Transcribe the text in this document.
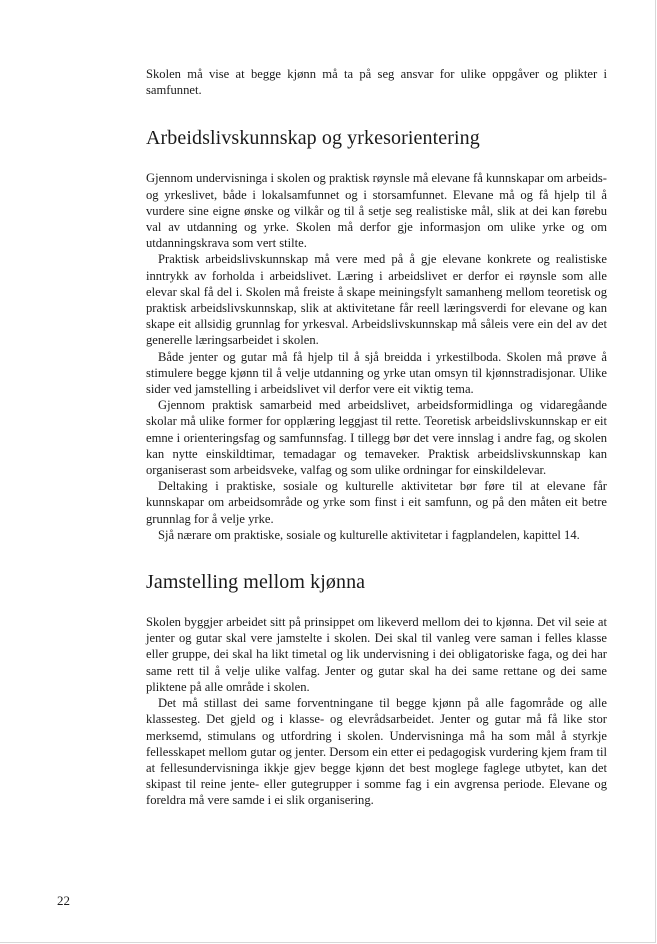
Skolen må vise at begge kjønn må ta på seg ansvar for ulike oppgåver og plikter i samfunnet.

Arbeidslivskunnskap og yrkesorientering

Gjennom undervisninga i skolen og praktisk røynsle må elevane få kunnskapar om arbeids- og yrkeslivet, både i lokalsamfunnet og i storsamfunnet. Elevane må og få hjelp til å vurdere sine eigne ønske og vilkår og til å setje seg realistiske mål, slik at dei kan førebu val av utdanning og yrke. Skolen må derfor gje informasjon om ulike yrke og om utdanningskrava som vert stilte.

Praktisk arbeidslivskunnskap må vere med på å gje elevane konkrete og realistiske inntrykk av forholda i arbeidslivet. Læring i arbeidslivet er derfor ei røynsle som alle elevar skal få del i. Skolen må freiste å skape meiningsfylt samanheng mellom teoretisk og praktisk arbeidslivskunnskap, slik at aktivitetane får reell læringsverdi for elevane og kan skape eit allsidig grunnlag for yrkesval. Arbeidslivskunnskap må såleis vere ein del av det generelle læringsarbeidet i skolen.

Både jenter og gutar må få hjelp til å sjå breidda i yrkestilboda. Skolen må prøve å stimulere begge kjønn til å velje utdanning og yrke utan omsyn til kjønnstradisjonar. Ulike sider ved jamstelling i arbeidslivet vil derfor vere eit viktig tema.

Gjennom praktisk samarbeid med arbeidslivet, arbeidsformidlinga og vidaregåande skolar må ulike former for opplæring leggjast til rette. Teoretisk arbeidslivskunnskap er eit emne i orienteringsfag og samfunnsfag. I tillegg bør det vere innslag i andre fag, og skolen kan nytte einskildtimar, temadagar og temaveker. Praktisk arbeidslivskunnskap kan organiserast som arbeidsveke, valfag og som ulike ordningar for einskildelevar.

Deltaking i praktiske, sosiale og kulturelle aktivitetar bør føre til at elevane får kunnskapar om arbeidsområde og yrke som finst i eit samfunn, og på den måten eit betre grunnlag for å velje yrke.

Sjå nærare om praktiske, sosiale og kulturelle aktivitetar i fagplandelen, kapittel 14.

Jamstelling mellom kjønna

Skolen byggjer arbeidet sitt på prinsippet om likeverd mellom dei to kjønna. Det vil seie at jenter og gutar skal vere jamstelte i skolen. Dei skal til vanleg vere saman i felles klasse eller gruppe, dei skal ha likt timetal og lik undervisning i dei obligatoriske faga, og dei har same rett til å velje ulike valfag. Jenter og gutar skal ha dei same rettane og dei same pliktene på alle område i skolen.

Det må stillast dei same forventningane til begge kjønn på alle fagområde og alle klassesteg. Det gjeld og i klasse- og elevrådsarbeidet. Jenter og gutar må få like stor merksemd, stimulans og utfordring i skolen. Undervisninga må ha som mål å styrkje fellesskapet mellom gutar og jenter. Dersom ein etter ei pedagogisk vurdering kjem fram til at fellesundervisninga ikkje gjev begge kjønn det best moglege faglege utbytet, kan det skipast til reine jente- eller gutegrupper i somme fag i ein avgrensa periode. Elevane og foreldra må vere samde i ei slik organisering.

22
